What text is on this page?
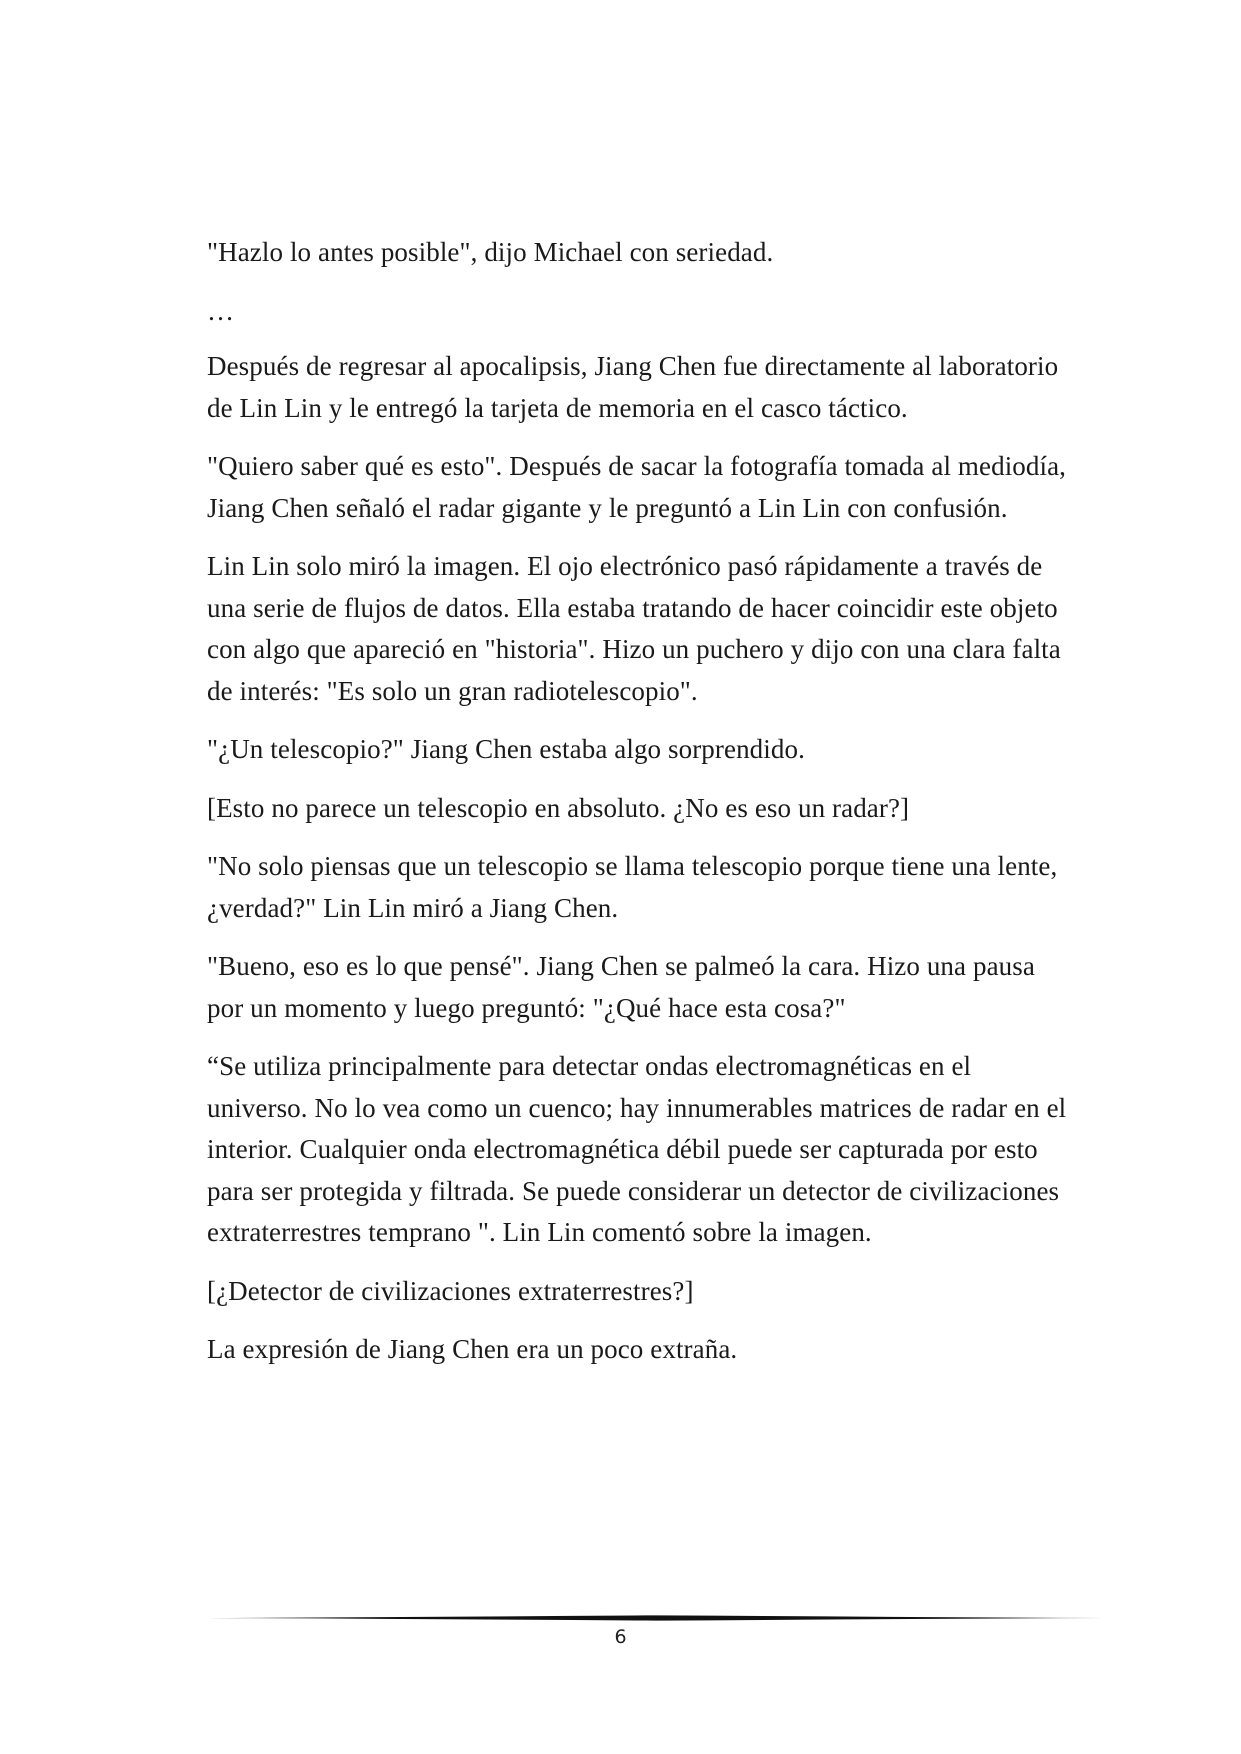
"Hazlo lo antes posible", dijo Michael con seriedad.

…

Después de regresar al apocalipsis, Jiang Chen fue directamente al laboratorio de Lin Lin y le entregó la tarjeta de memoria en el casco táctico.

"Quiero saber qué es esto". Después de sacar la fotografía tomada al mediodía, Jiang Chen señaló el radar gigante y le preguntó a Lin Lin con confusión.

Lin Lin solo miró la imagen. El ojo electrónico pasó rápidamente a través de una serie de flujos de datos. Ella estaba tratando de hacer coincidir este objeto con algo que apareció en "historia". Hizo un puchero y dijo con una clara falta de interés: "Es solo un gran radiotelescopio".

"¿Un telescopio?" Jiang Chen estaba algo sorprendido.

[Esto no parece un telescopio en absoluto. ¿No es eso un radar?]

"No solo piensas que un telescopio se llama telescopio porque tiene una lente, ¿verdad?" Lin Lin miró a Jiang Chen.

"Bueno, eso es lo que pensé". Jiang Chen se palmeó la cara. Hizo una pausa por un momento y luego preguntó: "¿Qué hace esta cosa?"

“Se utiliza principalmente para detectar ondas electromagnéticas en el universo. No lo vea como un cuenco; hay innumerables matrices de radar en el interior. Cualquier onda electromagnética débil puede ser capturada por esto para ser protegida y filtrada. Se puede considerar un detector de civilizaciones extraterrestres temprano ". Lin Lin comentó sobre la imagen.

[¿Detector de civilizaciones extraterrestres?]

La expresión de Jiang Chen era un poco extraña.

6
